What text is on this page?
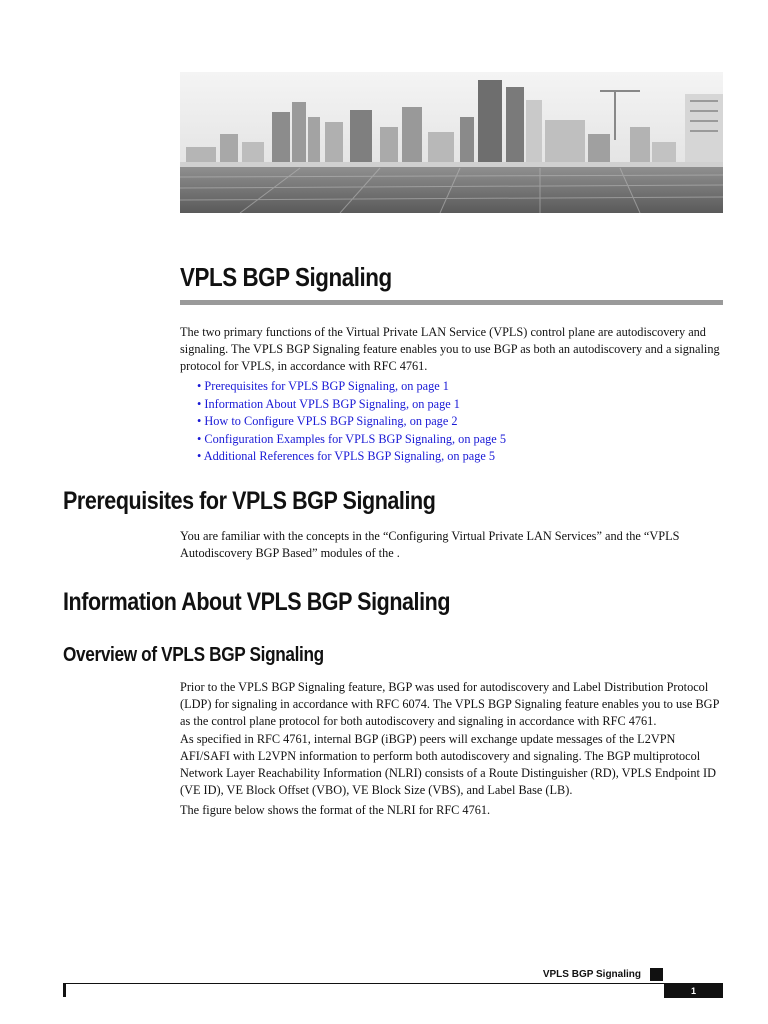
VPLS BGP Signaling

The two primary functions of the Virtual Private LAN Service (VPLS) control plane are autodiscovery and signaling. The VPLS BGP Signaling feature enables you to use BGP as both an autodiscovery and a signaling protocol for VPLS, in accordance with RFC 4761.

• Prerequisites for VPLS BGP Signaling, on page 1
• Information About VPLS BGP Signaling, on page 1
• How to Configure VPLS BGP Signaling, on page 2
• Configuration Examples for VPLS BGP Signaling, on page 5
• Additional References for VPLS BGP Signaling, on page 5
Prerequisites for VPLS BGP Signaling

You are familiar with the concepts in the “Configuring Virtual Private LAN Services” and the “VPLS Autodiscovery BGP Based” modules of the .

Information About VPLS BGP Signaling
Overview of VPLS BGP Signaling

Prior to the VPLS BGP Signaling feature, BGP was used for autodiscovery and Label Distribution Protocol (LDP) for signaling in accordance with RFC 6074. The VPLS BGP Signaling feature enables you to use BGP as the control plane protocol for both autodiscovery and signaling in accordance with RFC 4761.

As specified in RFC 4761, internal BGP (iBGP) peers will exchange update messages of the L2VPN AFI/SAFI with L2VPN information to perform both autodiscovery and signaling. The BGP multiprotocol Network Layer Reachability Information (NLRI) consists of a Route Distinguisher (RD), VPLS Endpoint ID (VE ID), VE Block Offset (VBO), VE Block Size (VBS), and Label Base (LB).

The figure below shows the format of the NLRI for RFC 4761.

VPLS BGP Signaling
1
